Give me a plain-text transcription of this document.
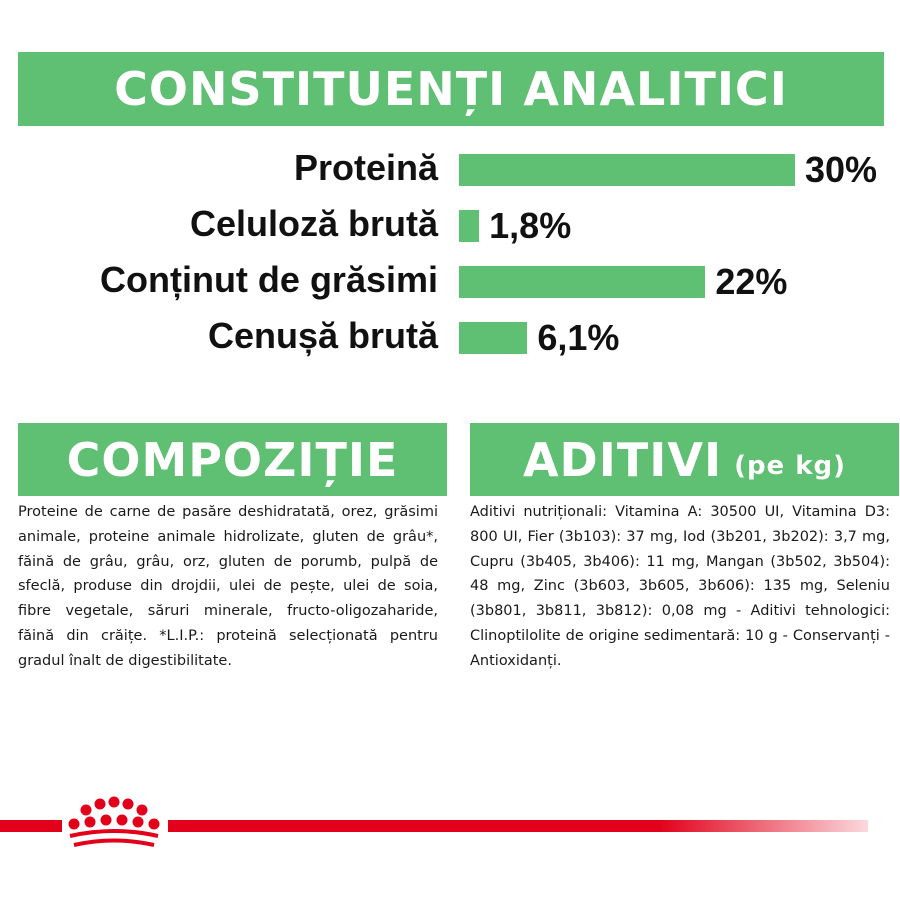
CONSTITUENȚI ANALITICI
Proteină	30%
Celuloză brută 1,8%
Conținut de grăsimi	22%
Cenușă brută	6,1%
COMPOZIȚIE	ADITIVI (pe kg)
Proteine de carne de pasăre deshidratată, orez, grăsimi animale, proteine animale hidrolizate, gluten de grâu*, făină de grâu, grâu, orz, gluten de porumb, pulpă de sfeclă, produse din drojdii, ulei de pește, ulei de soia, fibre vegetale, săruri minerale, fructo-oligozaharide, făină din crăițe. *L.I.P.: proteină selecționată pentru gradul înalt de digestibilitate.
Aditivi nutriționali: Vitamina A: 30500 UI, Vitamina D3: 800 UI, Fier (3b103): 37 mg, Iod (3b201, 3b202): 3,7 mg, Cupru (3b405, 3b406): 11 mg, Mangan (3b502, 3b504): 48 mg, Zinc (3b603, 3b605, 3b606): 135 mg, Seleniu (3b801, 3b811, 3b812): 0,08 mg - Aditivi tehnologici: Clinoptilolite de origine sedimentară: 10 g - Conservanți - Antioxidanți.
